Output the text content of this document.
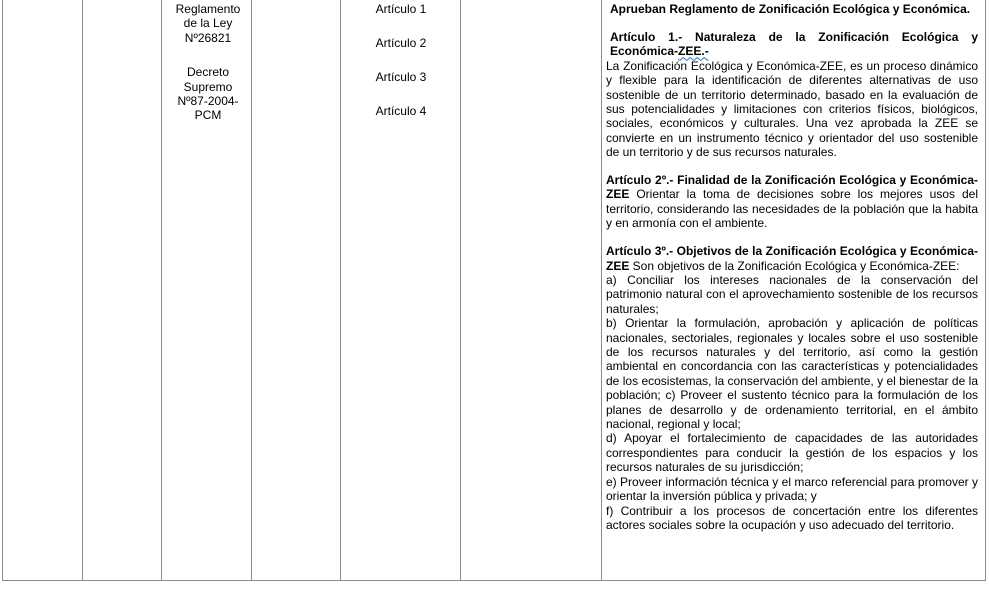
Reglamento
de la Ley
Nº26821
Decreto
Supremo
Nº87-2004-
PCM
Artículo 1
Artículo 2
Artículo 3
Artículo 4

Aprueban Reglamento de Zonificación Ecológica y Económica.

Artículo 1.- Naturaleza de la Zonificación Ecológica y Económica-ZEE.-

La Zonificación Ecológica y Económica-ZEE, es un proceso dinámico y flexible para la identificación de diferentes alternativas de uso sostenible de un territorio determinado, basado en la evaluación de sus potencialidades y limitaciones con criterios físicos, biológicos, sociales, económicos y culturales. Una vez aprobada la ZEE se convierte en un instrumento técnico y orientador del uso sostenible de un territorio y de sus recursos naturales.

Artículo 2º.- Finalidad de la Zonificación Ecológica y Económica-ZEE Orientar la toma de decisiones sobre los mejores usos del territorio, considerando las necesidades de la población que la habita y en armonía con el ambiente.

Artículo 3º.- Objetivos de la Zonificación Ecológica y Económica-ZEE Son objetivos de la Zonificación Ecológica y Económica-ZEE:

a) Conciliar los intereses nacionales de la conservación del patrimonio natural con el aprovechamiento sostenible de los recursos naturales;

b) Orientar la formulación, aprobación y aplicación de políticas nacionales, sectoriales, regionales y locales sobre el uso sostenible de los recursos naturales y del territorio, así como la gestión ambiental en concordancia con las características y potencialidades de los ecosistemas, la conservación del ambiente, y el bienestar de la población; c) Proveer el sustento técnico para la formulación de los planes de desarrollo y de ordenamiento territorial, en el ámbito nacional, regional y local;

d) Apoyar el fortalecimiento de capacidades de las autoridades correspondientes para conducir la gestión de los espacios y los recursos naturales de su jurisdicción;

e) Proveer información técnica y el marco referencial para promover y orientar la inversión pública y privada; y

f) Contribuir a los procesos de concertación entre los diferentes actores sociales sobre la ocupación y uso adecuado del territorio.
